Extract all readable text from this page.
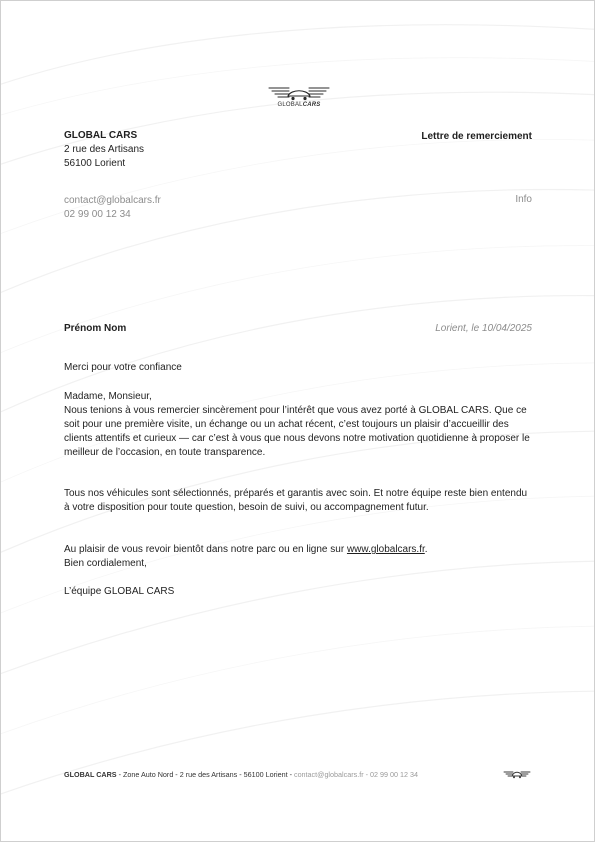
GLOBALCARS
GLOBAL CARS
2 rue des Artisans
56100 Lorient
contact@globalcars.fr
02 99 00 12 34
Lettre de remerciement
Info
Prénom Nom	Lorient, le 10/04/2025
Merci pour votre confiance
Madame, Monsieur,
Nous tenions à vous remercier sincèrement pour l’intérêt que vous avez porté à GLOBAL CARS. Que ce soit pour une première visite, un échange ou un achat récent, c’est toujours un plaisir d’accueillir des clients attentifs et curieux — car c’est à vous que nous devons notre motivation quotidienne à proposer le meilleur de l’occasion, en toute transparence.
Tous nos véhicules sont sélectionnés, préparés et garantis avec soin. Et notre équipe reste bien entendu à votre disposition pour toute question, besoin de suivi, ou accompagnement futur.
Au plaisir de vous revoir bientôt dans notre parc ou en ligne sur www.globalcars.fr.
Bien cordialement,
L’équipe GLOBAL CARS
GLOBAL CARS - Zone Auto Nord - 2 rue des Artisans - 56100 Lorient - contact@globalcars.fr - 02 99 00 12 34
